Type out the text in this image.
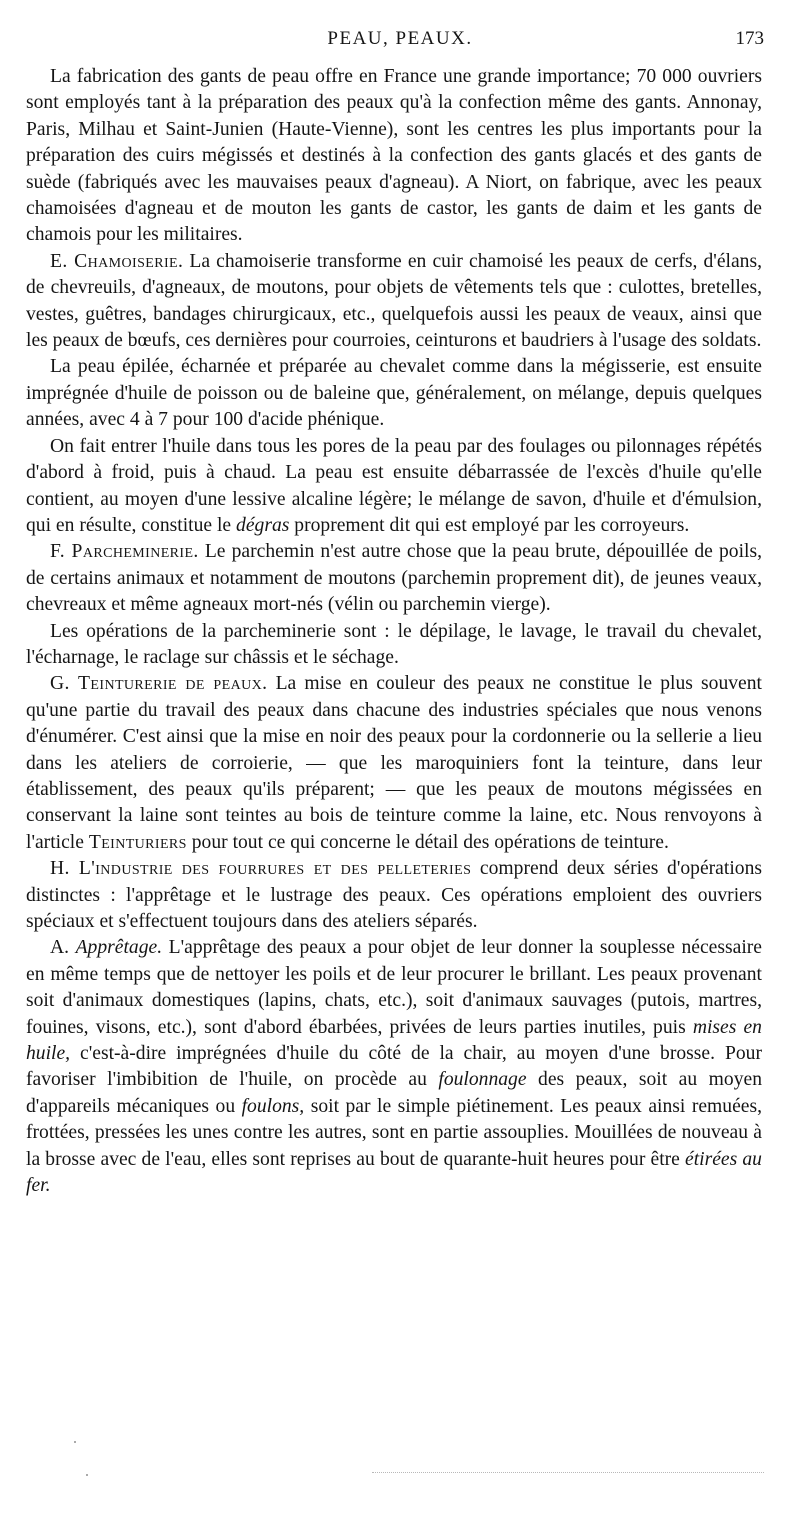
PEAU, PEAUX.	173

La fabrication des gants de peau offre en France une grande importance; 70 000 ouvriers sont employés tant à la préparation des peaux qu'à la confection même des gants. Annonay, Paris, Milhau et Saint-Junien (Haute-Vienne), sont les centres les plus importants pour la préparation des cuirs mégissés et destinés à la confection des gants glacés et des gants de suède (fabriqués avec les mauvaises peaux d'agneau). A Niort, on fabrique, avec les peaux chamoisées d'agneau et de mouton les gants de castor, les gants de daim et les gants de chamois pour les militaires.

E. Chamoiserie. La chamoiserie transforme en cuir chamoisé les peaux de cerfs, d'élans, de chevreuils, d'agneaux, de moutons, pour objets de vêtements tels que : culottes, bretelles, vestes, guêtres, bandages chirurgicaux, etc., quelquefois aussi les peaux de veaux, ainsi que les peaux de bœufs, ces dernières pour courroies, ceinturons et baudriers à l'usage des soldats.

La peau épilée, écharnée et préparée au chevalet comme dans la mégisserie, est ensuite imprégnée d'huile de poisson ou de baleine que, généralement, on mélange, depuis quelques années, avec 4 à 7 pour 100 d'acide phénique.

On fait entrer l'huile dans tous les pores de la peau par des foulages ou pilonnages répétés d'abord à froid, puis à chaud. La peau est ensuite débarrassée de l'excès d'huile qu'elle contient, au moyen d'une lessive alcaline légère; le mélange de savon, d'huile et d'émulsion, qui en résulte, constitue le dégras proprement dit qui est employé par les corroyeurs.

F. Parcheminerie. Le parchemin n'est autre chose que la peau brute, dépouillée de poils, de certains animaux et notamment de moutons (parchemin proprement dit), de jeunes veaux, chevreaux et même agneaux mort-nés (vélin ou parchemin vierge).

Les opérations de la parcheminerie sont : le dépilage, le lavage, le travail du chevalet, l'écharnage, le raclage sur châssis et le séchage.

G. Teinturerie de peaux. La mise en couleur des peaux ne constitue le plus souvent qu'une partie du travail des peaux dans chacune des industries spéciales que nous venons d'énumérer. C'est ainsi que la mise en noir des peaux pour la cordonnerie ou la sellerie a lieu dans les ateliers de corroierie, — que les maroquiniers font la teinture, dans leur établissement, des peaux qu'ils préparent; — que les peaux de moutons mégissées en conservant la laine sont teintes au bois de teinture comme la laine, etc. Nous renvoyons à l'article Teinturiers pour tout ce qui concerne le détail des opérations de teinture.

H. L'industrie des fourrures et des pelleteries comprend deux séries d'opérations distinctes : l'apprêtage et le lustrage des peaux. Ces opérations emploient des ouvriers spéciaux et s'effectuent toujours dans des ateliers séparés.

A. Apprêtage. L'apprêtage des peaux a pour objet de leur donner la souplesse nécessaire en même temps que de nettoyer les poils et de leur procurer le brillant. Les peaux provenant soit d'animaux domestiques (lapins, chats, etc.), soit d'animaux sauvages (putois, martres, fouines, visons, etc.), sont d'abord ébarbées, privées de leurs parties inutiles, puis mises en huile, c'est-à-dire imprégnées d'huile du côté de la chair, au moyen d'une brosse. Pour favoriser l'imbibition de l'huile, on procède au foulonnage des peaux, soit au moyen d'appareils mécaniques ou foulons, soit par le simple piétinement. Les peaux ainsi remuées, frottées, pressées les unes contre les autres, sont en partie assouplies. Mouillées de nouveau à la brosse avec de l'eau, elles sont reprises au bout de quarante-huit heures pour être étirées au fer.
